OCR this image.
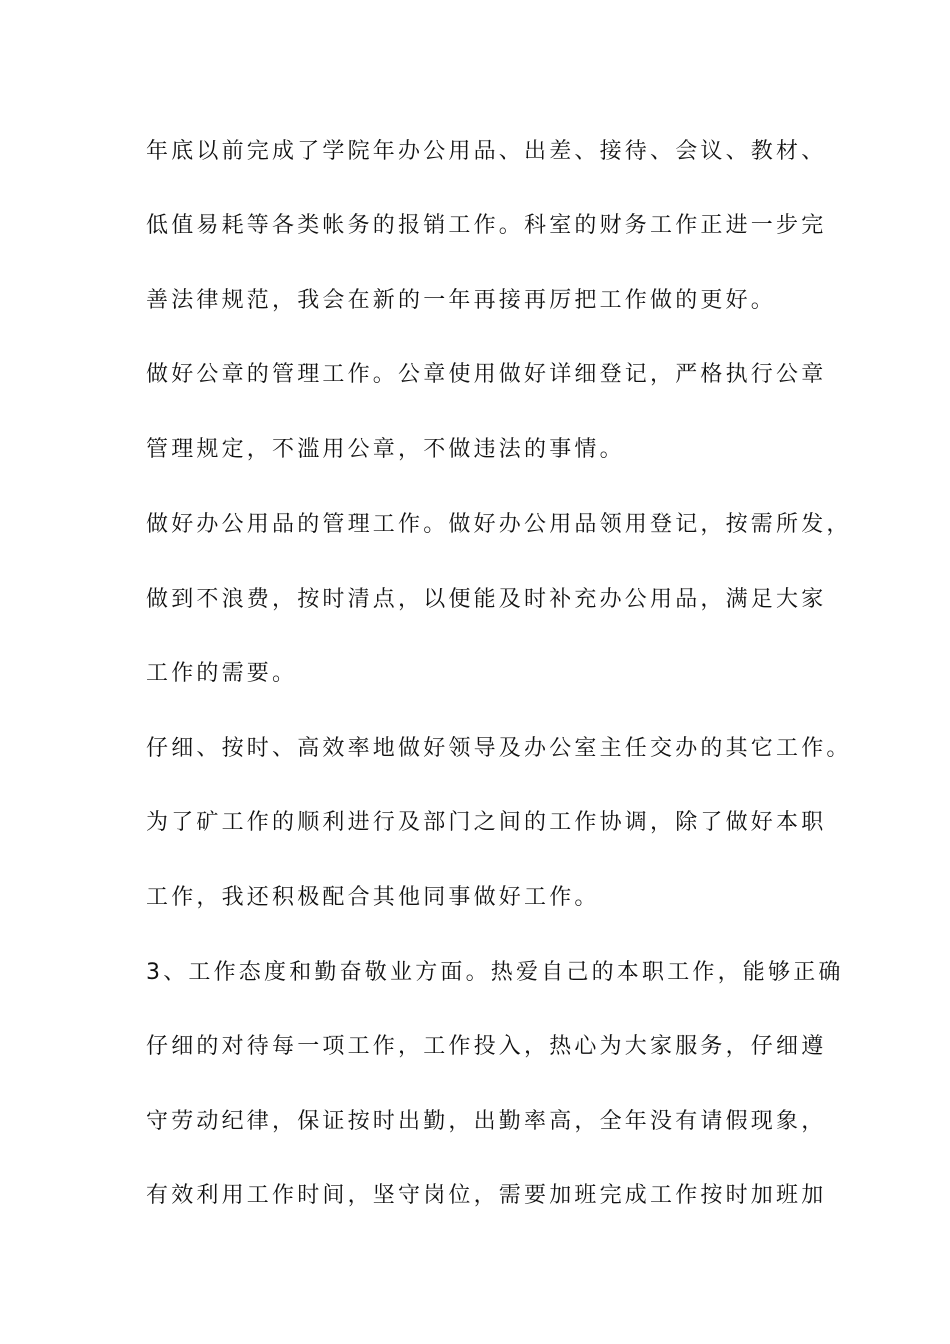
年底以前完成了学院年办公用品、出差、接待、会议、教材、
低值易耗等各类帐务的报销工作。科室的财务工作正进一步完
善法律规范，我会在新的一年再接再厉把工作做的更好。
做好公章的管理工作。公章使用做好详细登记，严格执行公章
管理规定，不滥用公章，不做违法的事情。
做好办公用品的管理工作。做好办公用品领用登记，按需所发，
做到不浪费，按时清点，以便能及时补充办公用品，满足大家
工作的需要。
仔细、按时、高效率地做好领导及办公室主任交办的其它工作。
为了矿工作的顺利进行及部门之间的工作协调，除了做好本职
工作，我还积极配合其他同事做好工作。
3、工作态度和勤奋敬业方面。热爱自己的本职工作，能够正确
仔细的对待每一项工作，工作投入，热心为大家服务，仔细遵
守劳动纪律，保证按时出勤，出勤率高，全年没有请假现象，
有效利用工作时间，坚守岗位，需要加班完成工作按时加班加
